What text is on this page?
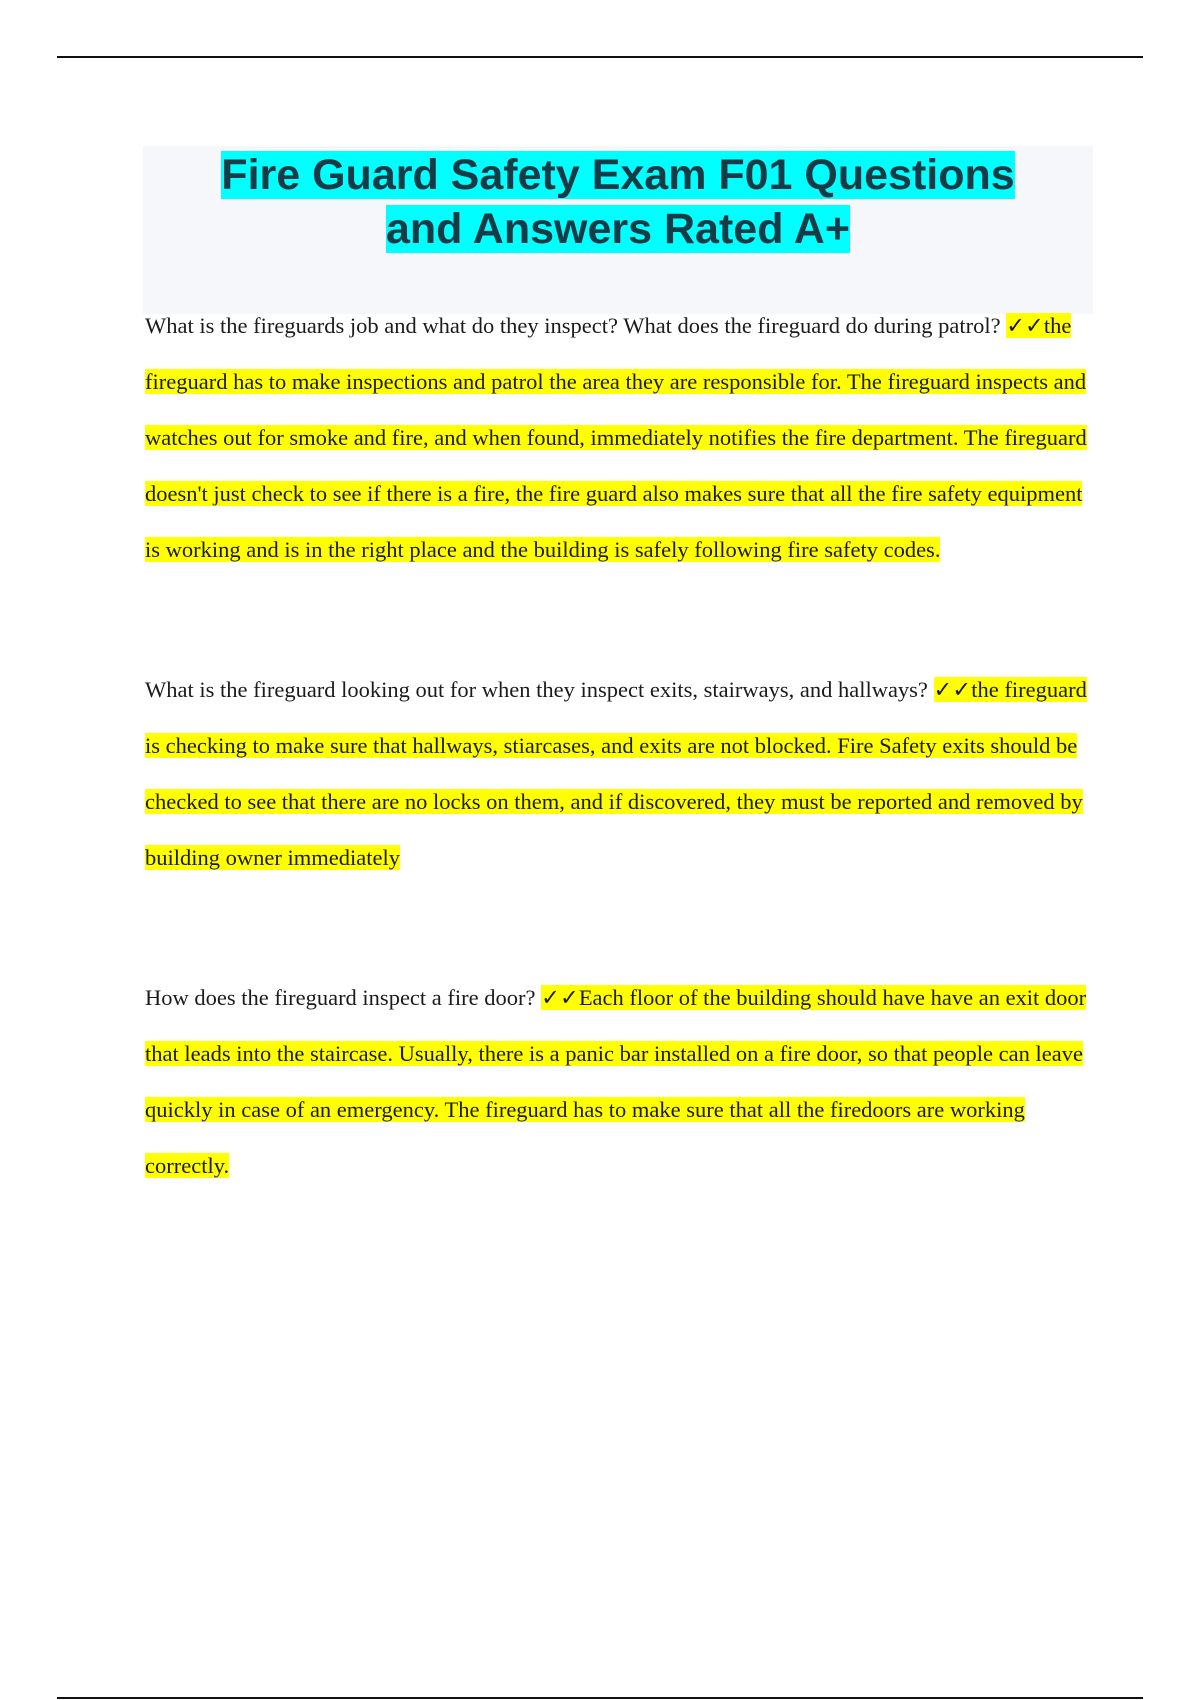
Fire Guard Safety Exam F01 Questions
and Answers Rated A+

What is the fireguards job and what do they inspect? What does the fireguard do during patrol? ✓✓the fireguard has to make inspections and patrol the area they are responsible for. The fireguard inspects and watches out for smoke and fire, and when found, immediately notifies the fire department. The fireguard doesn't just check to see if there is a fire, the fire guard also makes sure that all the fire safety equipment is working and is in the right place and the building is safely following fire safety codes.

What is the fireguard looking out for when they inspect exits, stairways, and hallways? ✓✓the fireguard is checking to make sure that hallways, stiarcases, and exits are not blocked. Fire Safety exits should be checked to see that there are no locks on them, and if discovered, they must be reported and removed by building owner immediately

How does the fireguard inspect a fire door? ✓✓Each floor of the building should have have an exit door that leads into the staircase. Usually, there is a panic bar installed on a fire door, so that people can leave quickly in case of an emergency. The fireguard has to make sure that all the firedoors are working correctly.
